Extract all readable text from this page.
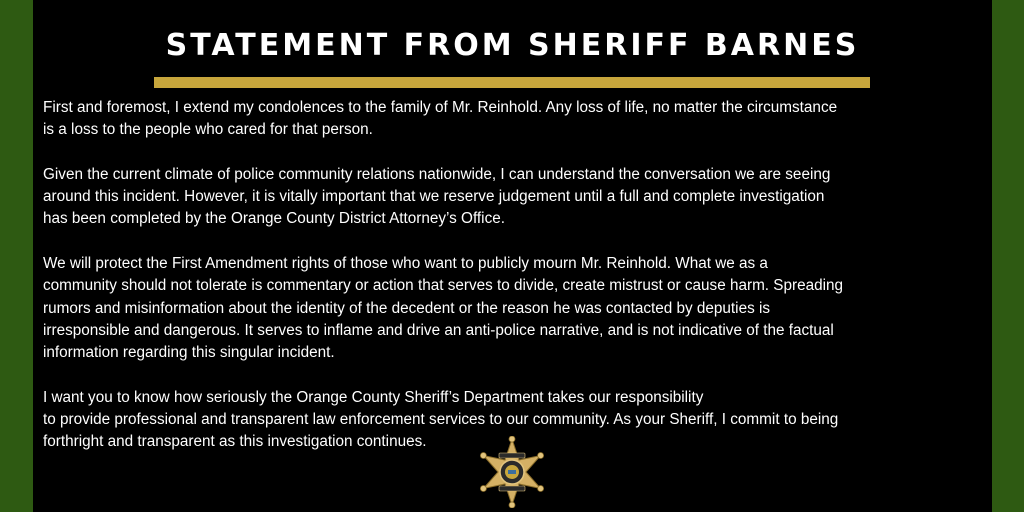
STATEMENT FROM SHERIFF BARNES

First and foremost, I extend my condolences to the family of Mr. Reinhold. Any loss of life, no matter the circumstance
is a loss to the people who cared for that person.

Given the current climate of police community relations nationwide, I can understand the conversation we are seeing
around this incident. However, it is vitally important that we reserve judgement until a full and complete investigation
has been completed by the Orange County District Attorney’s Office.

We will protect the First Amendment rights of those who want to publicly mourn Mr. Reinhold. What we as a
community should not tolerate is commentary or action that serves to divide, create mistrust or cause harm. Spreading
rumors and misinformation about the identity of the decedent or the reason he was contacted by deputies is
irresponsible and dangerous. It serves to inflame and drive an anti-police narrative, and is not indicative of the factual
information regarding this singular incident.

I want you to know how seriously the Orange County Sheriff’s Department takes our responsibility
to provide professional and transparent law enforcement services to our community. As your Sheriff, I commit to being
forthright and transparent as this investigation continues.
